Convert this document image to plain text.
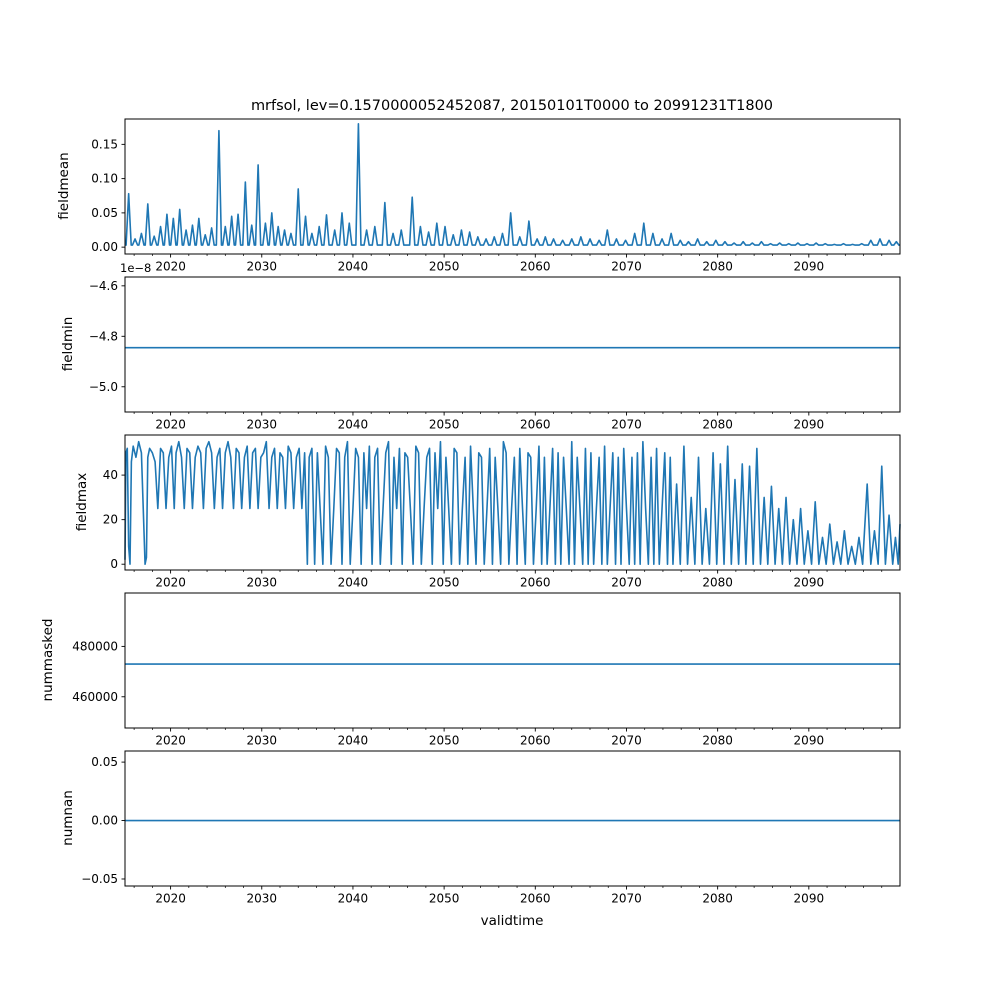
mrfsol, lev=0.1570000052452087, 20150101T0000 to 20991231T1800
validtime
fieldmean
fieldmin
fieldmax
nummasked
numnan
1e−8 2020	2030	2040	2050	2060	2070	2080	2090
0.00
0.05
0.10
0.15
2020	2030	2040	2050	2060	2070	2080	2090
−4.6
−4.8
−5.0
2020	2030	2040	2050	2060	2070	2080	2090
0
20
40
2020	2030	2040	2050	2060	2070	2080	2090
480000
460000
2020	2030	2040	2050	2060	2070	2080	2090
0.05
0.00
−0.05
